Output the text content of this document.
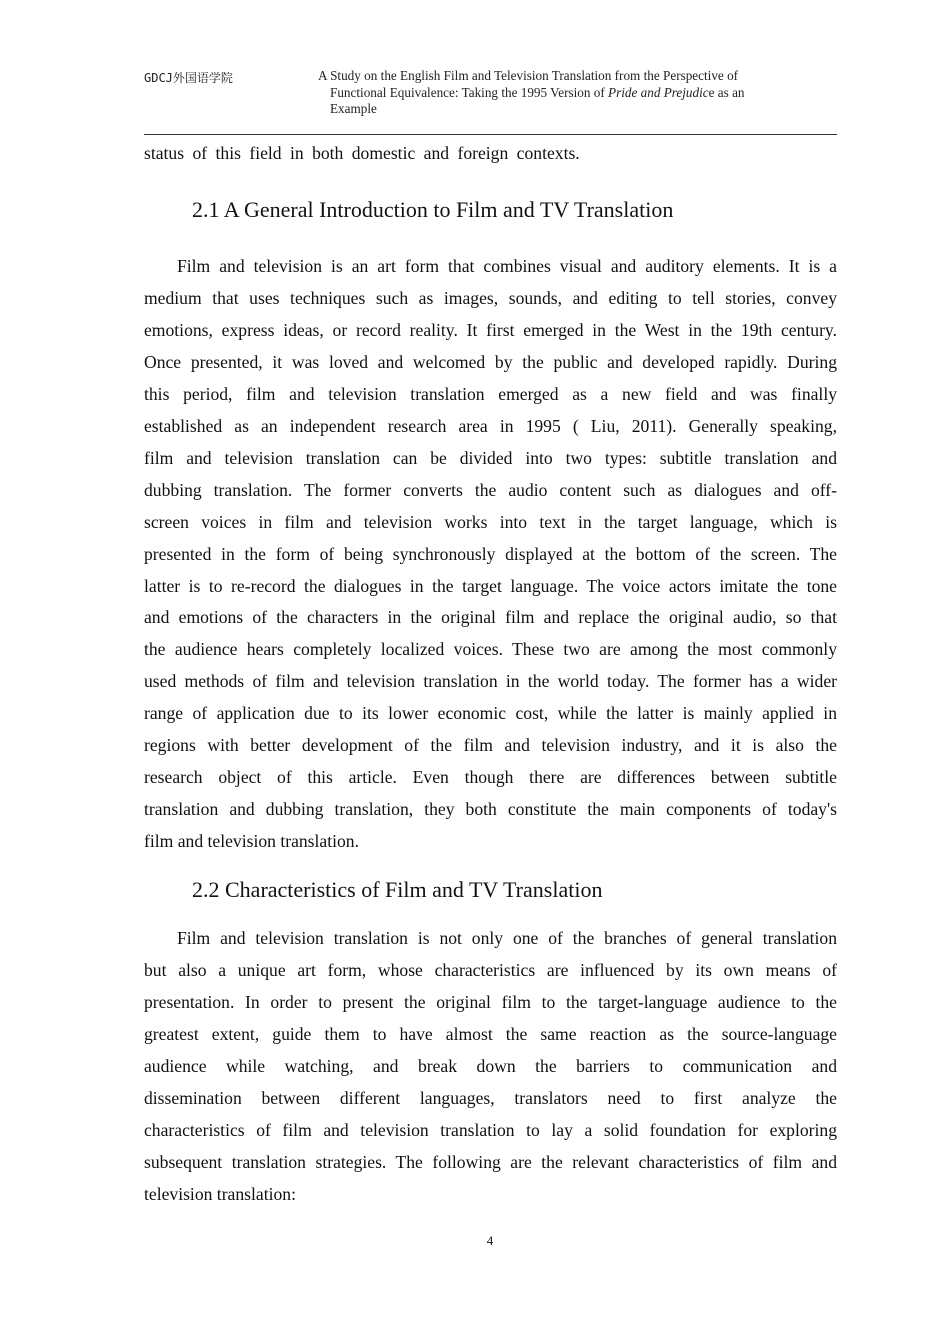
GDCJ外国语学院	A Study on the English Film and Television Translation from the Perspective of
Functional Equivalence: Taking the 1995 Version of Pride and Prejudice as an
Example
status of this field in both domestic and foreign contexts.
2.1 A General Introduction to Film and TV Translation
Film and television is an art form that combines visual and auditory elements. It is a
medium that uses techniques such as images, sounds, and editing to tell stories, convey
emotions, express ideas, or record reality. It first emerged in the West in the 19th century.
Once presented, it was loved and welcomed by the public and developed rapidly. During
this period, film and television translation emerged as a new field and was finally
established as an independent research area in 1995 ( Liu, 2011). Generally speaking,
film and television translation can be divided into two types: subtitle translation and
dubbing translation. The former converts the audio content such as dialogues and off-
screen voices in film and television works into text in the target language, which is
presented in the form of being synchronously displayed at the bottom of the screen. The
latter is to re-record the dialogues in the target language. The voice actors imitate the tone
and emotions of the characters in the original film and replace the original audio, so that
the audience hears completely localized voices. These two are among the most commonly
used methods of film and television translation in the world today. The former has a wider
range of application due to its lower economic cost, while the latter is mainly applied in
regions with better development of the film and television industry, and it is also the
research object of this article. Even though there are differences between subtitle
translation and dubbing translation, they both constitute the main components of today's
film and television translation.
2.2 Characteristics of Film and TV Translation
Film and television translation is not only one of the branches of general translation
but also a unique art form, whose characteristics are influenced by its own means of
presentation. In order to present the original film to the target-language audience to the
greatest extent, guide them to have almost the same reaction as the source-language
audience while watching, and break down the barriers to communication and
dissemination between different languages, translators need to first analyze the
characteristics of film and television translation to lay a solid foundation for exploring
subsequent translation strategies. The following are the relevant characteristics of film and
television translation:
4
